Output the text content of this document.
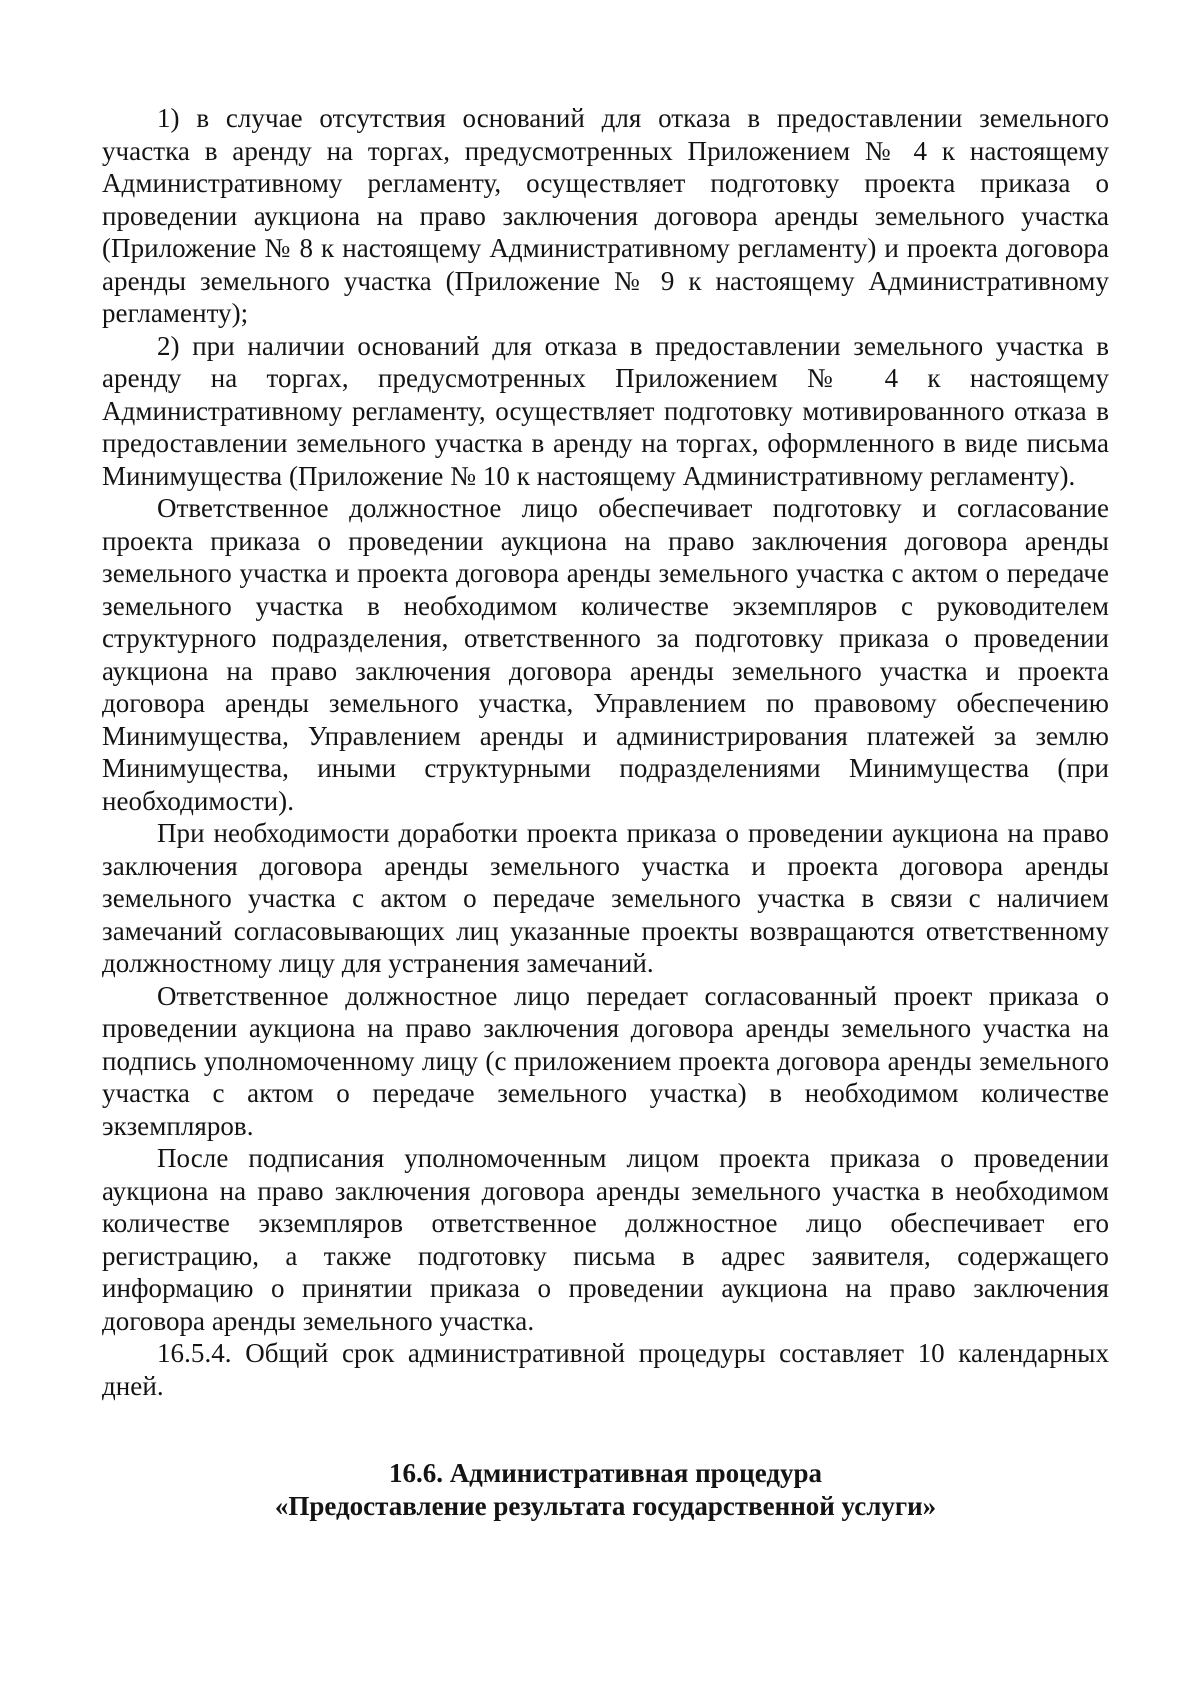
1) в случае отсутствия оснований для отказа в предоставлении земельного участка в аренду на торгах, предусмотренных Приложением № 4 к настоящему Административному регламенту, осуществляет подготовку проекта приказа о проведении аукциона на право заключения договора аренды земельного участка (Приложение № 8 к настоящему Административному регламенту) и проекта договора аренды земельного участка (Приложение № 9 к настоящему Административному регламенту);

2) при наличии оснований для отказа в предоставлении земельного участка в аренду на торгах, предусмотренных Приложением № 4 к настоящему Административному регламенту, осуществляет подготовку мотивированного отказа в предоставлении земельного участка в аренду на торгах, оформленного в виде письма Минимущества (Приложение № 10 к настоящему Административному регламенту).

Ответственное должностное лицо обеспечивает подготовку и согласование проекта приказа о проведении аукциона на право заключения договора аренды земельного участка и проекта договора аренды земельного участка с актом о передаче земельного участка в необходимом количестве экземпляров с руководителем структурного подразделения, ответственного за подготовку приказа о проведении аукциона на право заключения договора аренды земельного участка и проекта договора аренды земельного участка, Управлением по правовому обеспечению Минимущества, Управлением аренды и администрирования платежей за землю Минимущества, иными структурными подразделениями Минимущества (при необходимости).

При необходимости доработки проекта приказа о проведении аукциона на право заключения договора аренды земельного участка и проекта договора аренды земельного участка с актом о передаче земельного участка в связи с наличием замечаний согласовывающих лиц указанные проекты возвращаются ответственному должностному лицу для устранения замечаний.

Ответственное должностное лицо передает согласованный проект приказа о проведении аукциона на право заключения договора аренды земельного участка на подпись уполномоченному лицу (с приложением проекта договора аренды земельного участка с актом о передаче земельного участка) в необходимом количестве экземпляров.

После подписания уполномоченным лицом проекта приказа о проведении аукциона на право заключения договора аренды земельного участка в необходимом количестве экземпляров ответственное должностное лицо обеспечивает его регистрацию, а также подготовку письма в адрес заявителя, содержащего информацию о принятии приказа о проведении аукциона на право заключения договора аренды земельного участка.

16.5.4. Общий срок административной процедуры составляет 10 календарных дней.

16.6. Административная процедура
«Предоставление результата государственной услуги»
